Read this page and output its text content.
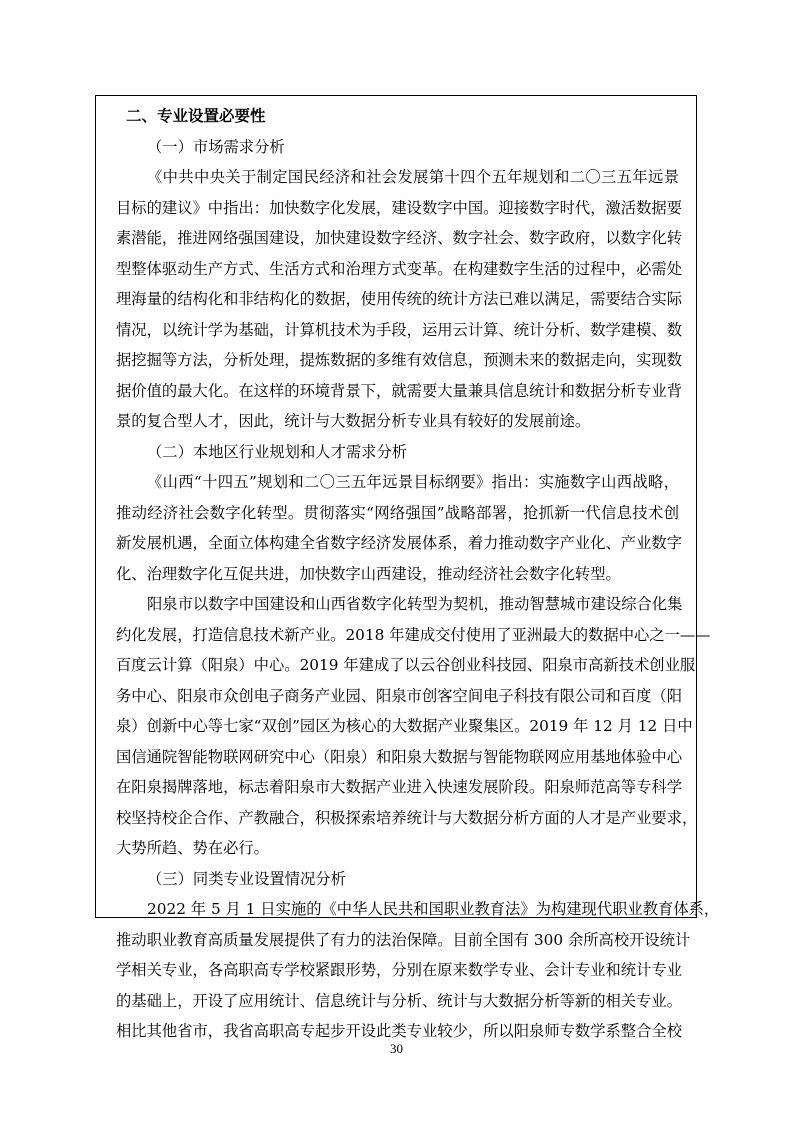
二、专业设置必要性
（一）市场需求分析
《中共中央关于制定国民经济和社会发展第十四个五年规划和二〇三五年远景
目标的建议》中指出：加快数字化发展，建设数字中国。迎接数字时代，激活数据要
素潜能，推进网络强国建设，加快建设数字经济、数字社会、数字政府，以数字化转
型整体驱动生产方式、生活方式和治理方式变革。在构建数字生活的过程中，必需处
理海量的结构化和非结构化的数据，使用传统的统计方法已难以满足，需要结合实际
情况，以统计学为基础，计算机技术为手段，运用云计算、统计分析、数学建模、数
据挖掘等方法，分析处理，提炼数据的多维有效信息，预测未来的数据走向，实现数
据价值的最大化。在这样的环境背景下，就需要大量兼具信息统计和数据分析专业背
景的复合型人才，因此，统计与大数据分析专业具有较好的发展前途。
（二）本地区行业规划和人才需求分析
《山西“十四五”规划和二〇三五年远景目标纲要》指出：实施数字山西战略，
推动经济社会数字化转型。贯彻落实“网络强国”战略部署，抢抓新一代信息技术创
新发展机遇，全面立体构建全省数字经济发展体系，着力推动数字产业化、产业数字
化、治理数字化互促共进，加快数字山西建设，推动经济社会数字化转型。
阳泉市以数字中国建设和山西省数字化转型为契机，推动智慧城市建设综合化集
约化发展，打造信息技术新产业。2018 年建成交付使用了亚洲最大的数据中心之一——
百度云计算（阳泉）中心。2019 年建成了以云谷创业科技园、阳泉市高新技术创业服
务中心、阳泉市众创电子商务产业园、阳泉市创客空间电子科技有限公司和百度（阳
泉）创新中心等七家“双创”园区为核心的大数据产业聚集区。2019 年 12 月 12 日中
国信通院智能物联网研究中心（阳泉）和阳泉大数据与智能物联网应用基地体验中心
在阳泉揭牌落地，标志着阳泉市大数据产业进入快速发展阶段。阳泉师范高等专科学
校坚持校企合作、产教融合，积极探索培养统计与大数据分析方面的人才是产业要求，
大势所趋、势在必行。
（三）同类专业设置情况分析
2022 年 5 月 1 日实施的《中华人民共和国职业教育法》为构建现代职业教育体系，
推动职业教育高质量发展提供了有力的法治保障。目前全国有 300 余所高校开设统计
学相关专业，各高职高专学校紧跟形势，分别在原来数学专业、会计专业和统计专业
的基础上，开设了应用统计、信息统计与分析、统计与大数据分析等新的相关专业。
相比其他省市，我省高职高专起步开设此类专业较少，所以阳泉师专数学系整合全校
30
